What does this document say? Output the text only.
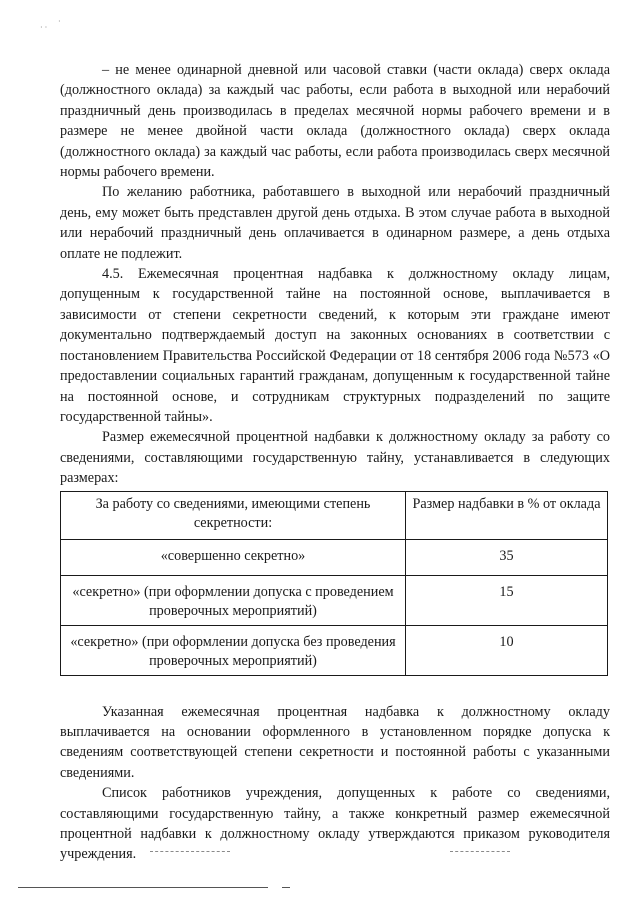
· ·
·

– не менее одинарной дневной или часовой ставки (части оклада) сверх оклада (должностного оклада) за каждый час работы, если работа в выходной или нерабочий праздничный день производилась в пределах месячной нормы рабочего времени и в размере не менее двойной части оклада (должностного оклада) сверх оклада (должностного оклада) за каждый час работы, если работа производилась сверх месячной нормы рабочего времени.

По желанию работника, работавшего в выходной или нерабочий праздничный день, ему может быть представлен другой день отдыха. В этом случае работа в выходной или нерабочий праздничный день оплачивается в одинарном размере, а день отдыха оплате не подлежит.

4.5. Ежемесячная процентная надбавка к должностному окладу лицам, допущенным к государственной тайне на постоянной основе, выплачивается в зависимости от степени секретности сведений, к которым эти граждане имеют документально подтверждаемый доступ на законных основаниях в соответствии с постановлением Правительства Российской Федерации от 18 сентября 2006 года №573 «О предоставлении социальных гарантий гражданам, допущенным к государственной тайне на постоянной основе, и сотрудникам структурных подразделений по защите государственной тайны».

Размер ежемесячной процентной надбавки к должностному окладу за работу со сведениями, составляющими государственную тайну, устанавливается в следующих размерах:

За работу со сведениями, имеющими степень секретности:	Размер надбавки в % от оклада
«совершенно секретно»	35
«секретно» (при оформлении допуска с проведением проверочных мероприятий)	15
«секретно» (при оформлении допуска без проведения проверочных мероприятий)	10

Указанная ежемесячная процентная надбавка к должностному окладу выплачивается на основании оформленного в установленном порядке допуска к сведениям соответствующей степени секретности и постоянной работы с указанными сведениями.

Список работников учреждения, допущенных к работе со сведениями, составляющими государственную тайну, а также конкретный размер ежемесячной процентной надбавки к должностному окладу утверждаются приказом руководителя учреждения.
